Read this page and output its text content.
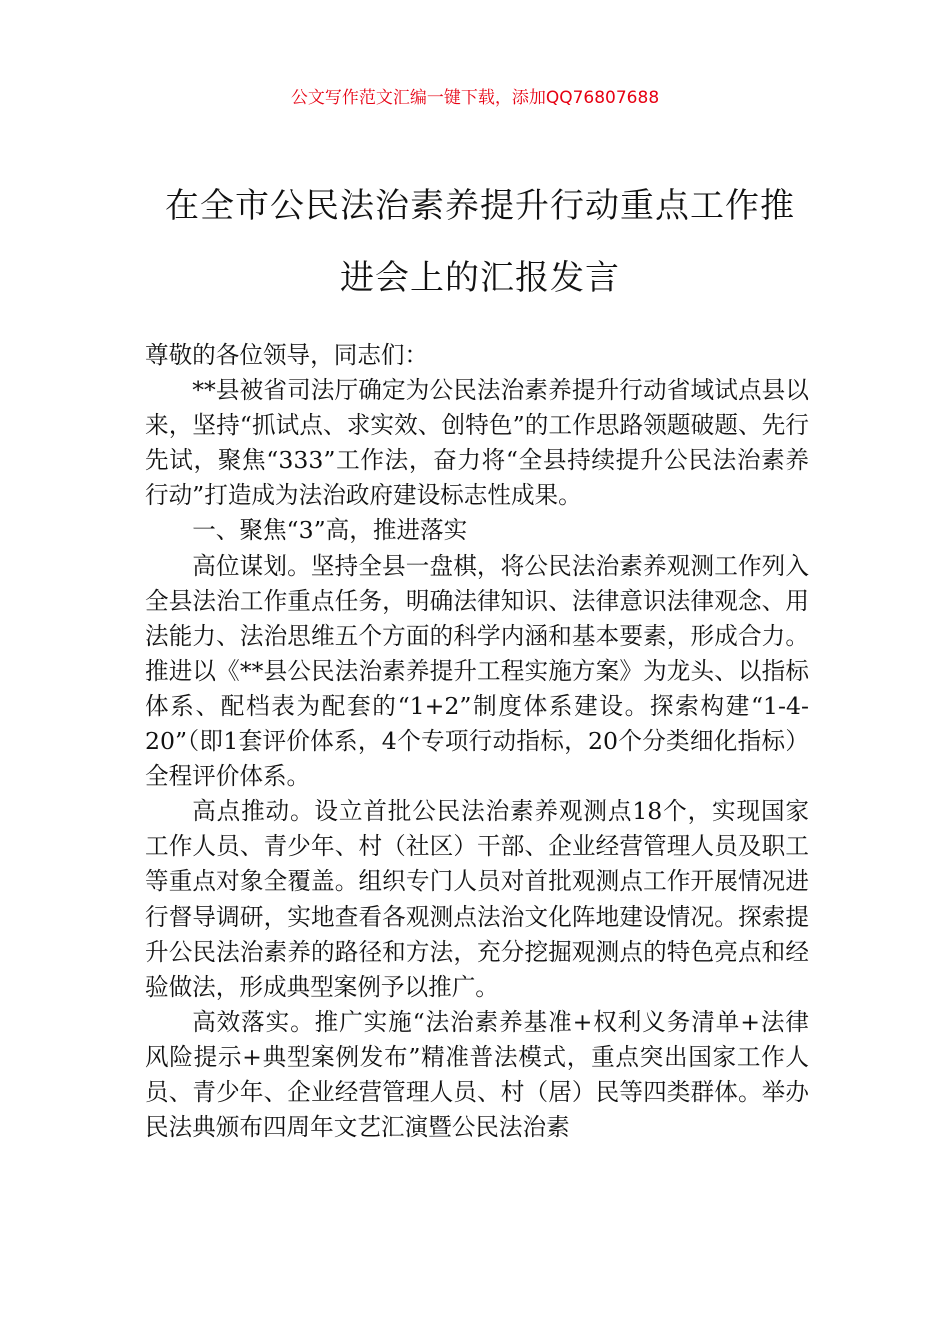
公文写作范文汇编一键下载，添加QQ76807688
在全市公民法治素养提升行动重点工作推进会上的汇报发言

尊敬的各位领导，同志们：

**县被省司法厅确定为公民法治素养提升行动省域试点县以来，坚持“抓试点、求实效、创特色”的工作思路领题破题、先行先试，聚焦“333”工作法，奋力将“全县持续提升公民法治素养行动”打造成为法治政府建设标志性成果。

一、聚焦“3”高，推进落实

高位谋划。坚持全县一盘棋，将公民法治素养观测工作列入全县法治工作重点任务，明确法律知识、法律意识法律观念、用法能力、法治思维五个方面的科学内涵和基本要素，形成合力。推进以《**县公民法治素养提升工程实施方案》为龙头、以指标体系、配档表为配套的“1+2”制度体系建设。探索构建“1-4-20”（即1套评价体系，4个专项行动指标，20个分类细化指标）全程评价体系。

高点推动。设立首批公民法治素养观测点18个，实现国家工作人员、青少年、村（社区）干部、企业经营管理人员及职工等重点对象全覆盖。组织专门人员对首批观测点工作开展情况进行督导调研，实地查看各观测点法治文化阵地建设情况。探索提升公民法治素养的路径和方法，充分挖掘观测点的特色亮点和经验做法，形成典型案例予以推广。

高效落实。推广实施“法治素养基准+权利义务清单+法律风险提示+典型案例发布”精准普法模式，重点突出国家工作人员、青少年、企业经营管理人员、村（居）民等四类群体。举办民法典颁布四周年文艺汇演暨公民法治素
